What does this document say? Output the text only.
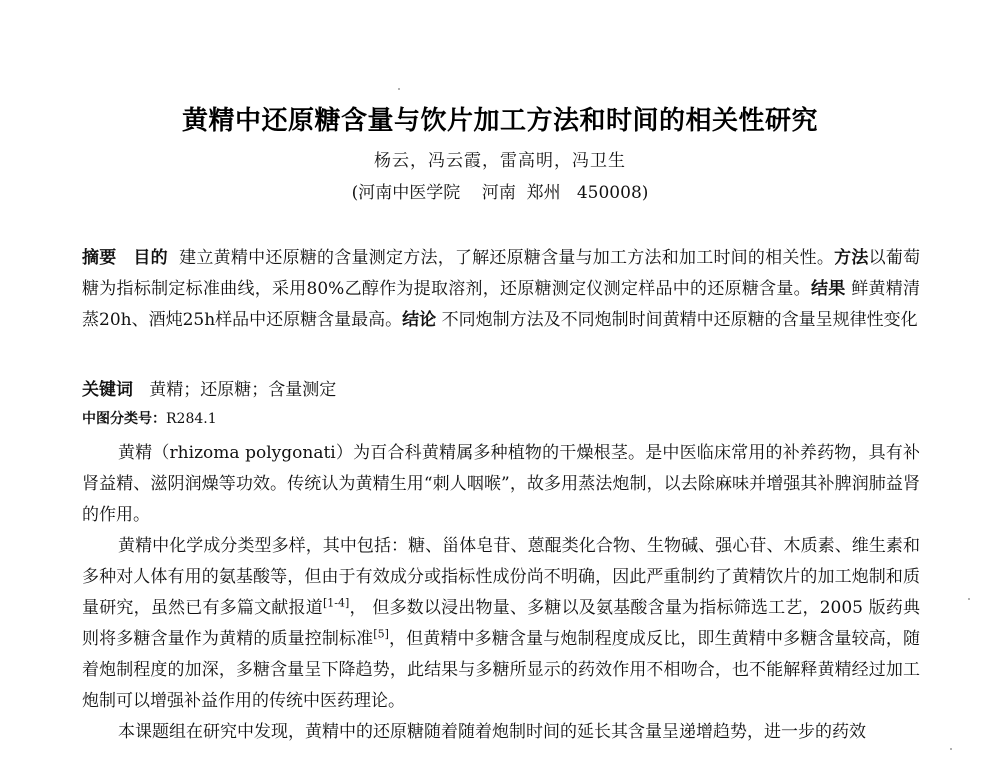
黄精中还原糖含量与饮片加工方法和时间的相关性研究
杨云，冯云霞，雷高明，冯卫生
(河南中医学院    河南  郑州   450008)
摘要 目的 建立黄精中还原糖的含量测定方法，了解还原糖含量与加工方法和加工时间的相关性。方法以葡萄糖为指标制定标准曲线，采用80%乙醇作为提取溶剂，还原糖测定仪测定样品中的还原糖含量。结果 鲜黄精清蒸20h、酒炖25h样品中还原糖含量最高。结论 不同炮制方法及不同炮制时间黄精中还原糖的含量呈规律性变化
关键词 黄精；还原糖；含量测定
中图分类号：R284.1

黄精（rhizoma polygonati）为百合科黄精属多种植物的干燥根茎。是中医临床常用的补养药物，具有补肾益精、滋阴润燥等功效。传统认为黄精生用“刺人咽喉”，故多用蒸法炮制，以去除麻味并增强其补脾润肺益肾的作用。

黄精中化学成分类型多样，其中包括：糖、甾体皂苷、蒽醌类化合物、生物碱、强心苷、木质素、维生素和多种对人体有用的氨基酸等，但由于有效成分或指标性成份尚不明确，因此严重制约了黄精饮片的加工炮制和质量研究，虽然已有多篇文献报道[1-4]， 但多数以浸出物量、多糖以及氨基酸含量为指标筛选工艺，2005 版药典则将多糖含量作为黄精的质量控制标准[5]，但黄精中多糖含量与炮制程度成反比，即生黄精中多糖含量较高，随着炮制程度的加深，多糖含量呈下降趋势，此结果与多糖所显示的药效作用不相吻合，也不能解释黄精经过加工炮制可以增强补益作用的传统中医药理论。

本课题组在研究中发现，黄精中的还原糖随着随着炮制时间的延长其含量呈递增趋势，进一步的药效
